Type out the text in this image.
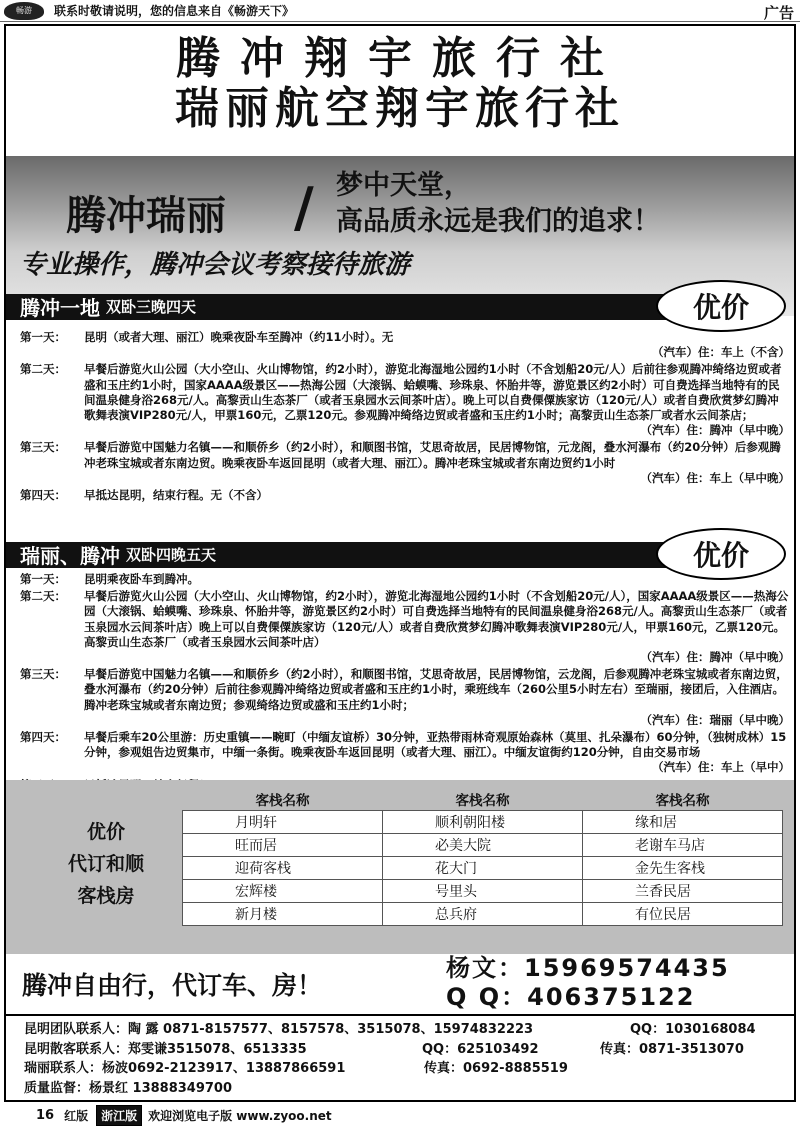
畅游	联系时敬请说明，您的信息来自《畅游天下》	广告
腾冲翔宇旅行社
瑞丽航空翔宇旅行社
腾冲瑞丽 / 梦中天堂，
高品质永远是我们的追求！
专业操作，腾冲会议考察接待旅游
腾冲一地 双卧三晚四天	优价
第一天：	昆明（或者大理、丽江）晚乘夜卧车至腾冲（约11小时）。无
（汽车）住：车上（不含）
第二天：	早餐后游览火山公园（大小空山、火山博物馆，约2小时），游览北海湿地公园约1小时（不含划船20元/人）后前往参观腾冲绮络边贸或者盛和玉庄约1小时，国家AAAA级景区——热海公园（大滚锅、蛤蟆嘴、珍珠泉、怀胎井等，游览景区约2小时）可自费选择当地特有的民间温泉健身浴268元/人。高黎贡山生态茶厂（或者玉泉园水云间茶叶店）。晚上可以自费傈僳族家访（120元/人）或者自费欣赏梦幻腾冲歌舞表演VIP280元/人，甲票160元，乙票120元。参观腾冲绮络边贸或者盛和玉庄约1小时；高黎贡山生态茶厂或者水云间茶店；
（汽车）住：腾冲（早中晚）
第三天：	早餐后游览中国魅力名镇——和顺侨乡（约2小时），和顺图书馆，艾思奇故居，民居博物馆，元龙阁，叠水河瀑布（约20分钟）后参观腾冲老珠宝城或者东南边贸。晚乘夜卧车返回昆明（或者大理、丽江）。腾冲老珠宝城或者东南边贸约1小时
（汽车）住：车上（早中晚）
第四天：	早抵达昆明，结束行程。无（不含）
瑞丽、腾冲 双卧四晚五天	优价
第一天：	昆明乘夜卧车到腾冲。
第二天：	早餐后游览火山公园（大小空山、火山博物馆，约2小时），游览北海湿地公园约1小时（不含划船20元/人），国家AAAA级景区——热海公园（大滚锅、蛤蟆嘴、珍珠泉、怀胎井等，游览景区约2小时）可自费选择当地特有的民间温泉健身浴268元/人。高黎贡山生态茶厂（或者玉泉园水云间茶叶店）晚上可以自费傈僳族家访（120元/人）或者自费欣赏梦幻腾冲歌舞表演VIP280元/人，甲票160元，乙票120元。高黎贡山生态茶厂（或者玉泉园水云间茶叶店）
（汽车）住：腾冲（早中晚）
第三天：	早餐后游览中国魅力名镇——和顺侨乡（约2小时），和顺图书馆，艾思奇故居，民居博物馆，云龙阁，后参观腾冲老珠宝城或者东南边贸，叠水河瀑布（约20分钟）后前往参观腾冲绮络边贸或者盛和玉庄约1小时，乘班线车（260公里5小时左右）至瑞丽，接团后，入住酒店。腾冲老珠宝城或者东南边贸；参观绮络边贸或盛和玉庄约1小时；
（汽车）住：瑞丽（早中晚）
第四天：	早餐后乘车20公里游：历史重镇——畹町（中缅友谊桥）30分钟，亚热带雨林奇观原始森林（莫里、扎朵瀑布）60分钟，（独树成林）15分钟，参观姐告边贸集市，中缅一条街。晚乘夜卧车返回昆明（或者大理、丽江）。中缅友谊街约120分钟，自由交易市场
（汽车）住：车上（早中）
优价
代订和顺
客栈房
客栈名称	客栈名称	客栈名称
月明轩	顺利朝阳楼	缘和居
旺而居	必美大院	老谢车马店
迎荷客栈	花大门	金先生客栈
宏辉楼	号里头	兰香民居
新月楼	总兵府	有位民居
腾冲自由行，代订车、房！
杨文：15969574435
Q Q：406375122
昆明团队联系人：陶 露 0871-8157577、8157578、3515078、15974832223	QQ：1030168084
昆明散客联系人：郑雯谦3515078、6513335	QQ：625103492	传真：0871-3513070
瑞丽联系人：杨波0692-2123917、13887866591	传真：0692-8885519
质量监督：杨景红 13888349700
16 红版	浙江版 欢迎浏览电子版 www.zyoo.net
